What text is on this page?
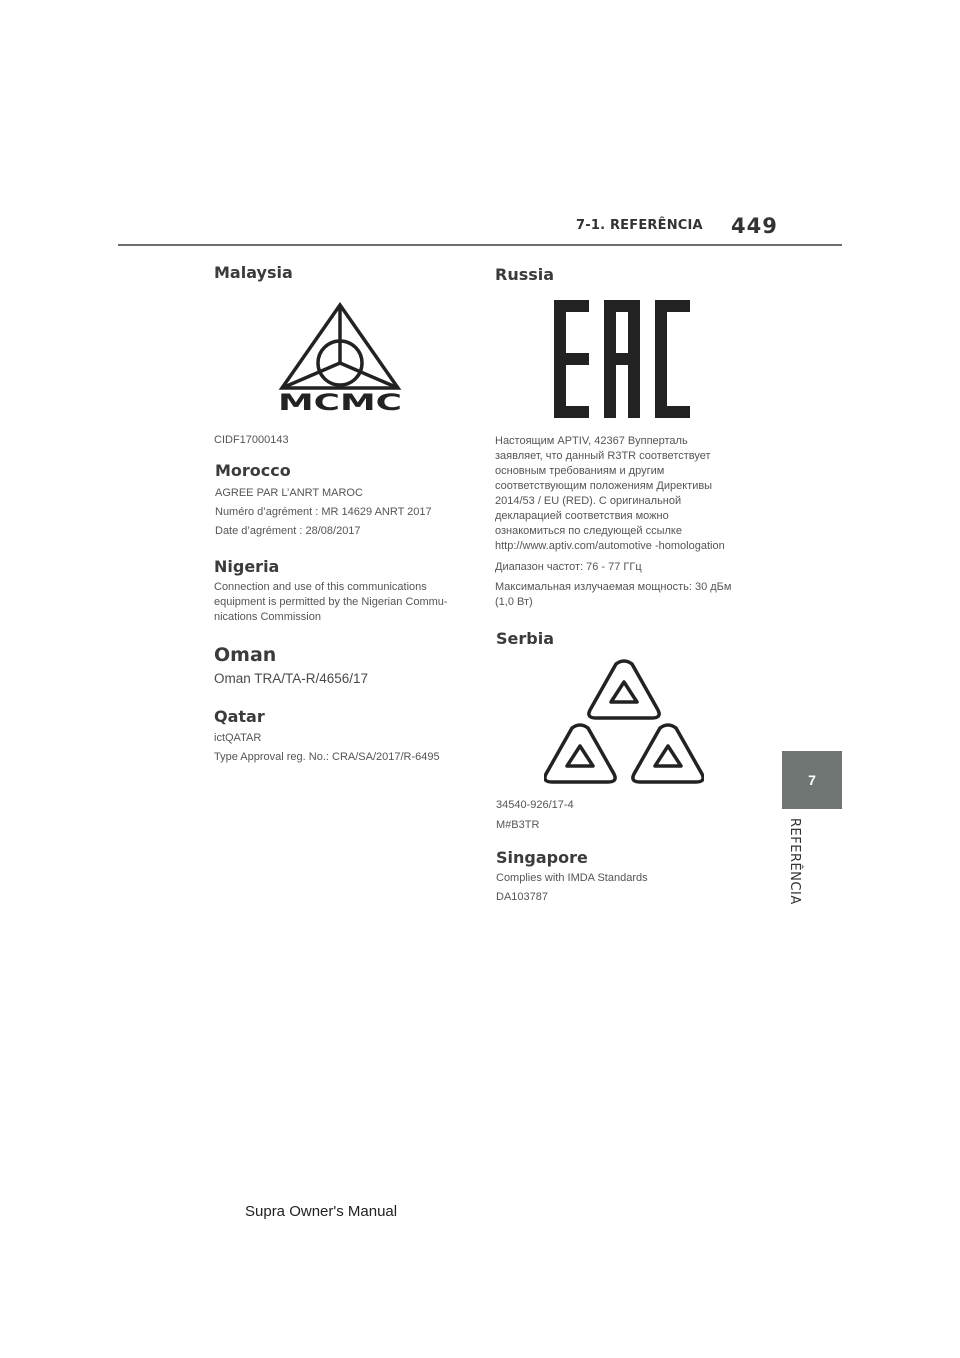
7-1. REFERÊNCIA 449
7
REFERÊNCIA
Malaysia
MCMC

CIDF17000143

Morocco

AGREE PAR L’ANRT MAROC

Numéro d’agrément : MR 14629 ANRT 2017

Date d’agrément : 28/08/2017

Nigeria

Connection and use of this communications equipment is permitted by the Nigerian Commu-nications Commission

Oman

Oman TRA/TA-R/4656/17

Qatar

ictQATAR

Type Approval reg. No.: CRA/SA/2017/R-6495

Russia

Настоящим APTIV, 42367 Вупперталь заявляет, что данный R3TR соответствует основным требованиям и другим соответствующим положениям Директивы 2014/53 / EU (RED). С оригинальной декларацией соответствия можно ознакомиться по следующей ссылке http://www.aptiv.com/automotive -homologation

Диапазон частот: 76 - 77 ГГц

Максимальная излучаемая мощность: 30 дБм (1,0 Вт)

Serbia

34540-926/17-4

M#B3TR

Singapore

Complies with IMDA Standards

DA103787

Supra Owner's Manual
